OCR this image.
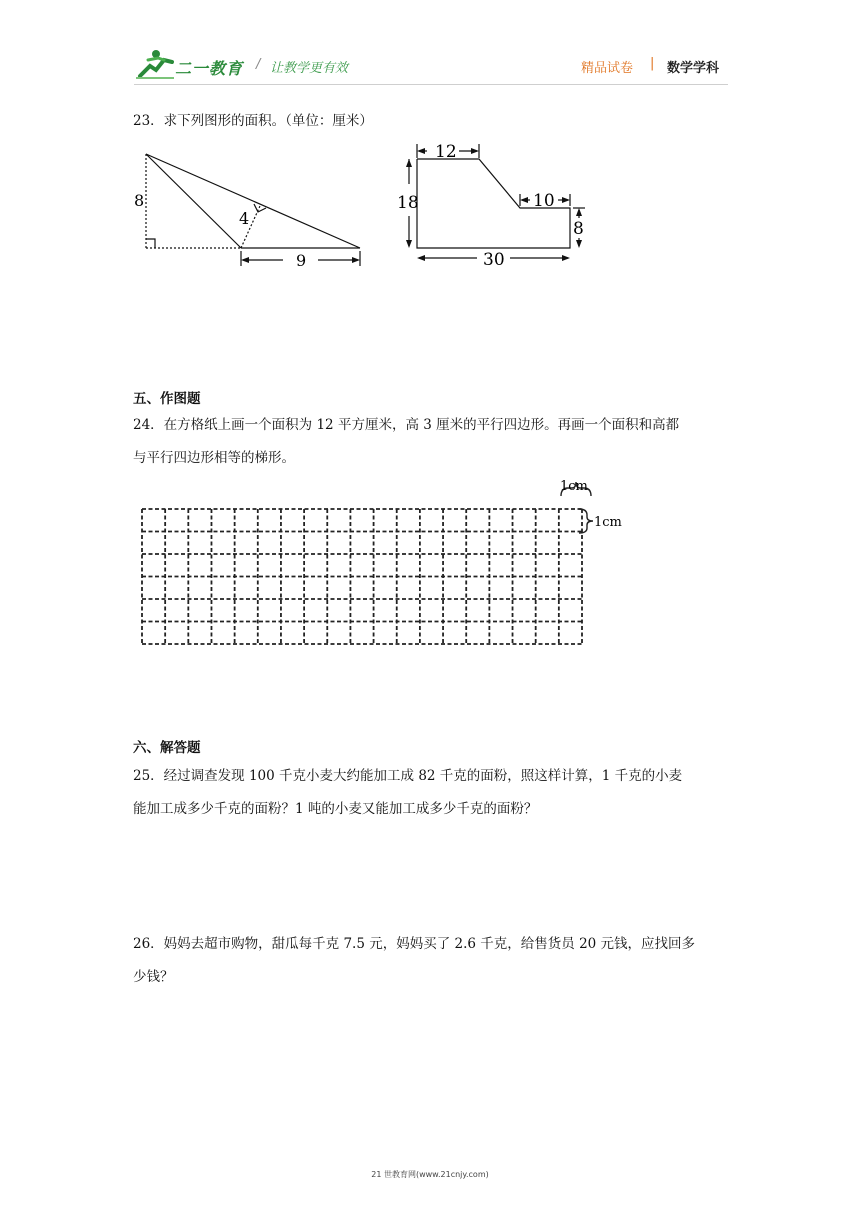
二一教育 / 让教学更有效	精品试卷 | 数学学科
23．求下列图形的面积。（单位：厘米）
8
4
9
12
18	10
8
30
五、作图题
24．在方格纸上画一个面积为 12 平方厘米，高 3 厘米的平行四边形。再画一个面积和高都
与平行四边形相等的梯形。
1cm
1cm
六、解答题
25．经过调查发现 100 千克小麦大约能加工成 82 千克的面粉，照这样计算，1 千克的小麦
能加工成多少千克的面粉？1 吨的小麦又能加工成多少千克的面粉？
26．妈妈去超市购物，甜瓜每千克 7.5 元，妈妈买了 2.6 千克，给售货员 20 元钱，应找回多
少钱？
21 世教育网(www.21cnjy.com)
